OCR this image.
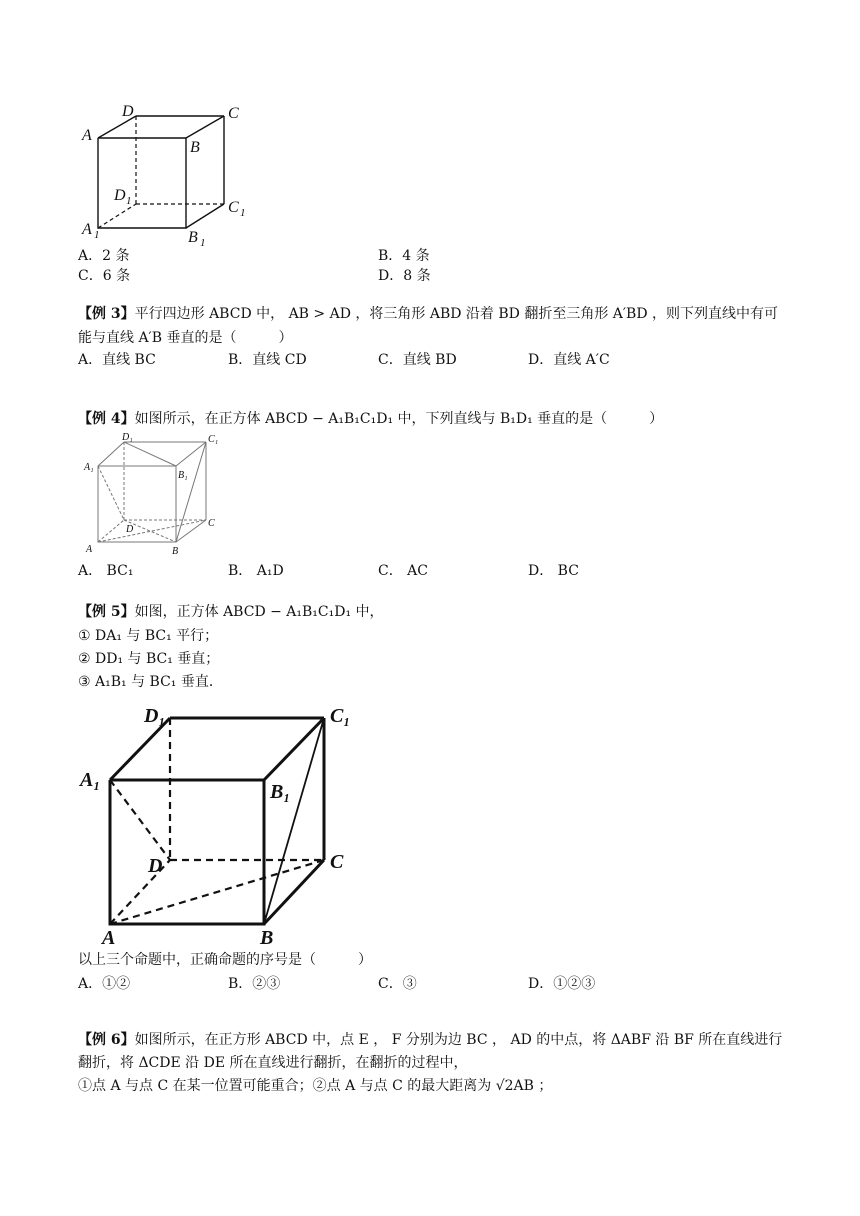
A
D	C
B
D 1	C 1
A 1	B 1
A．2 条	B．4 条
C．6 条	D．8 条
【例 3】平行四边形 ABCD 中， AB > AD ，将三角形 ABD 沿着 BD 翻折至三角形 A′BD ，则下列直线中有可
能与直线 A′B 垂直的是（　　　）
A．直线 BC	B．直线 CD	C．直线 BD	D．直线 A′C
【例 4】如图所示，在正方体 ABCD − A₁B₁C₁D₁ 中，下列直线与 B₁D₁ 垂直的是（　　　）
D₁	C₁
A₁
B₁
D
C
A	B
A． BC₁	B． A₁D	C． AC	D． BC
【例 5】如图，正方体 ABCD − A₁B₁C₁D₁ 中，
① DA₁ 与 BC₁ 平行；
② DD₁ 与 BC₁ 垂直；
③ A₁B₁ 与 BC₁ 垂直．
D₁	C₁
A₁
B₁
D	C
A	B
以上三个命题中，正确命题的序号是（　　　）
A．①②	B．②③	C．③	D．①②③
【例 6】如图所示，在正方形 ABCD 中，点 E ， F 分别为边 BC ， AD 的中点，将 ΔABF 沿 BF 所在直线进行
翻折，将 ΔCDE 沿 DE 所在直线进行翻折，在翻折的过程中，
①点 A 与点 C 在某一位置可能重合；②点 A 与点 C 的最大距离为 √2AB ；
